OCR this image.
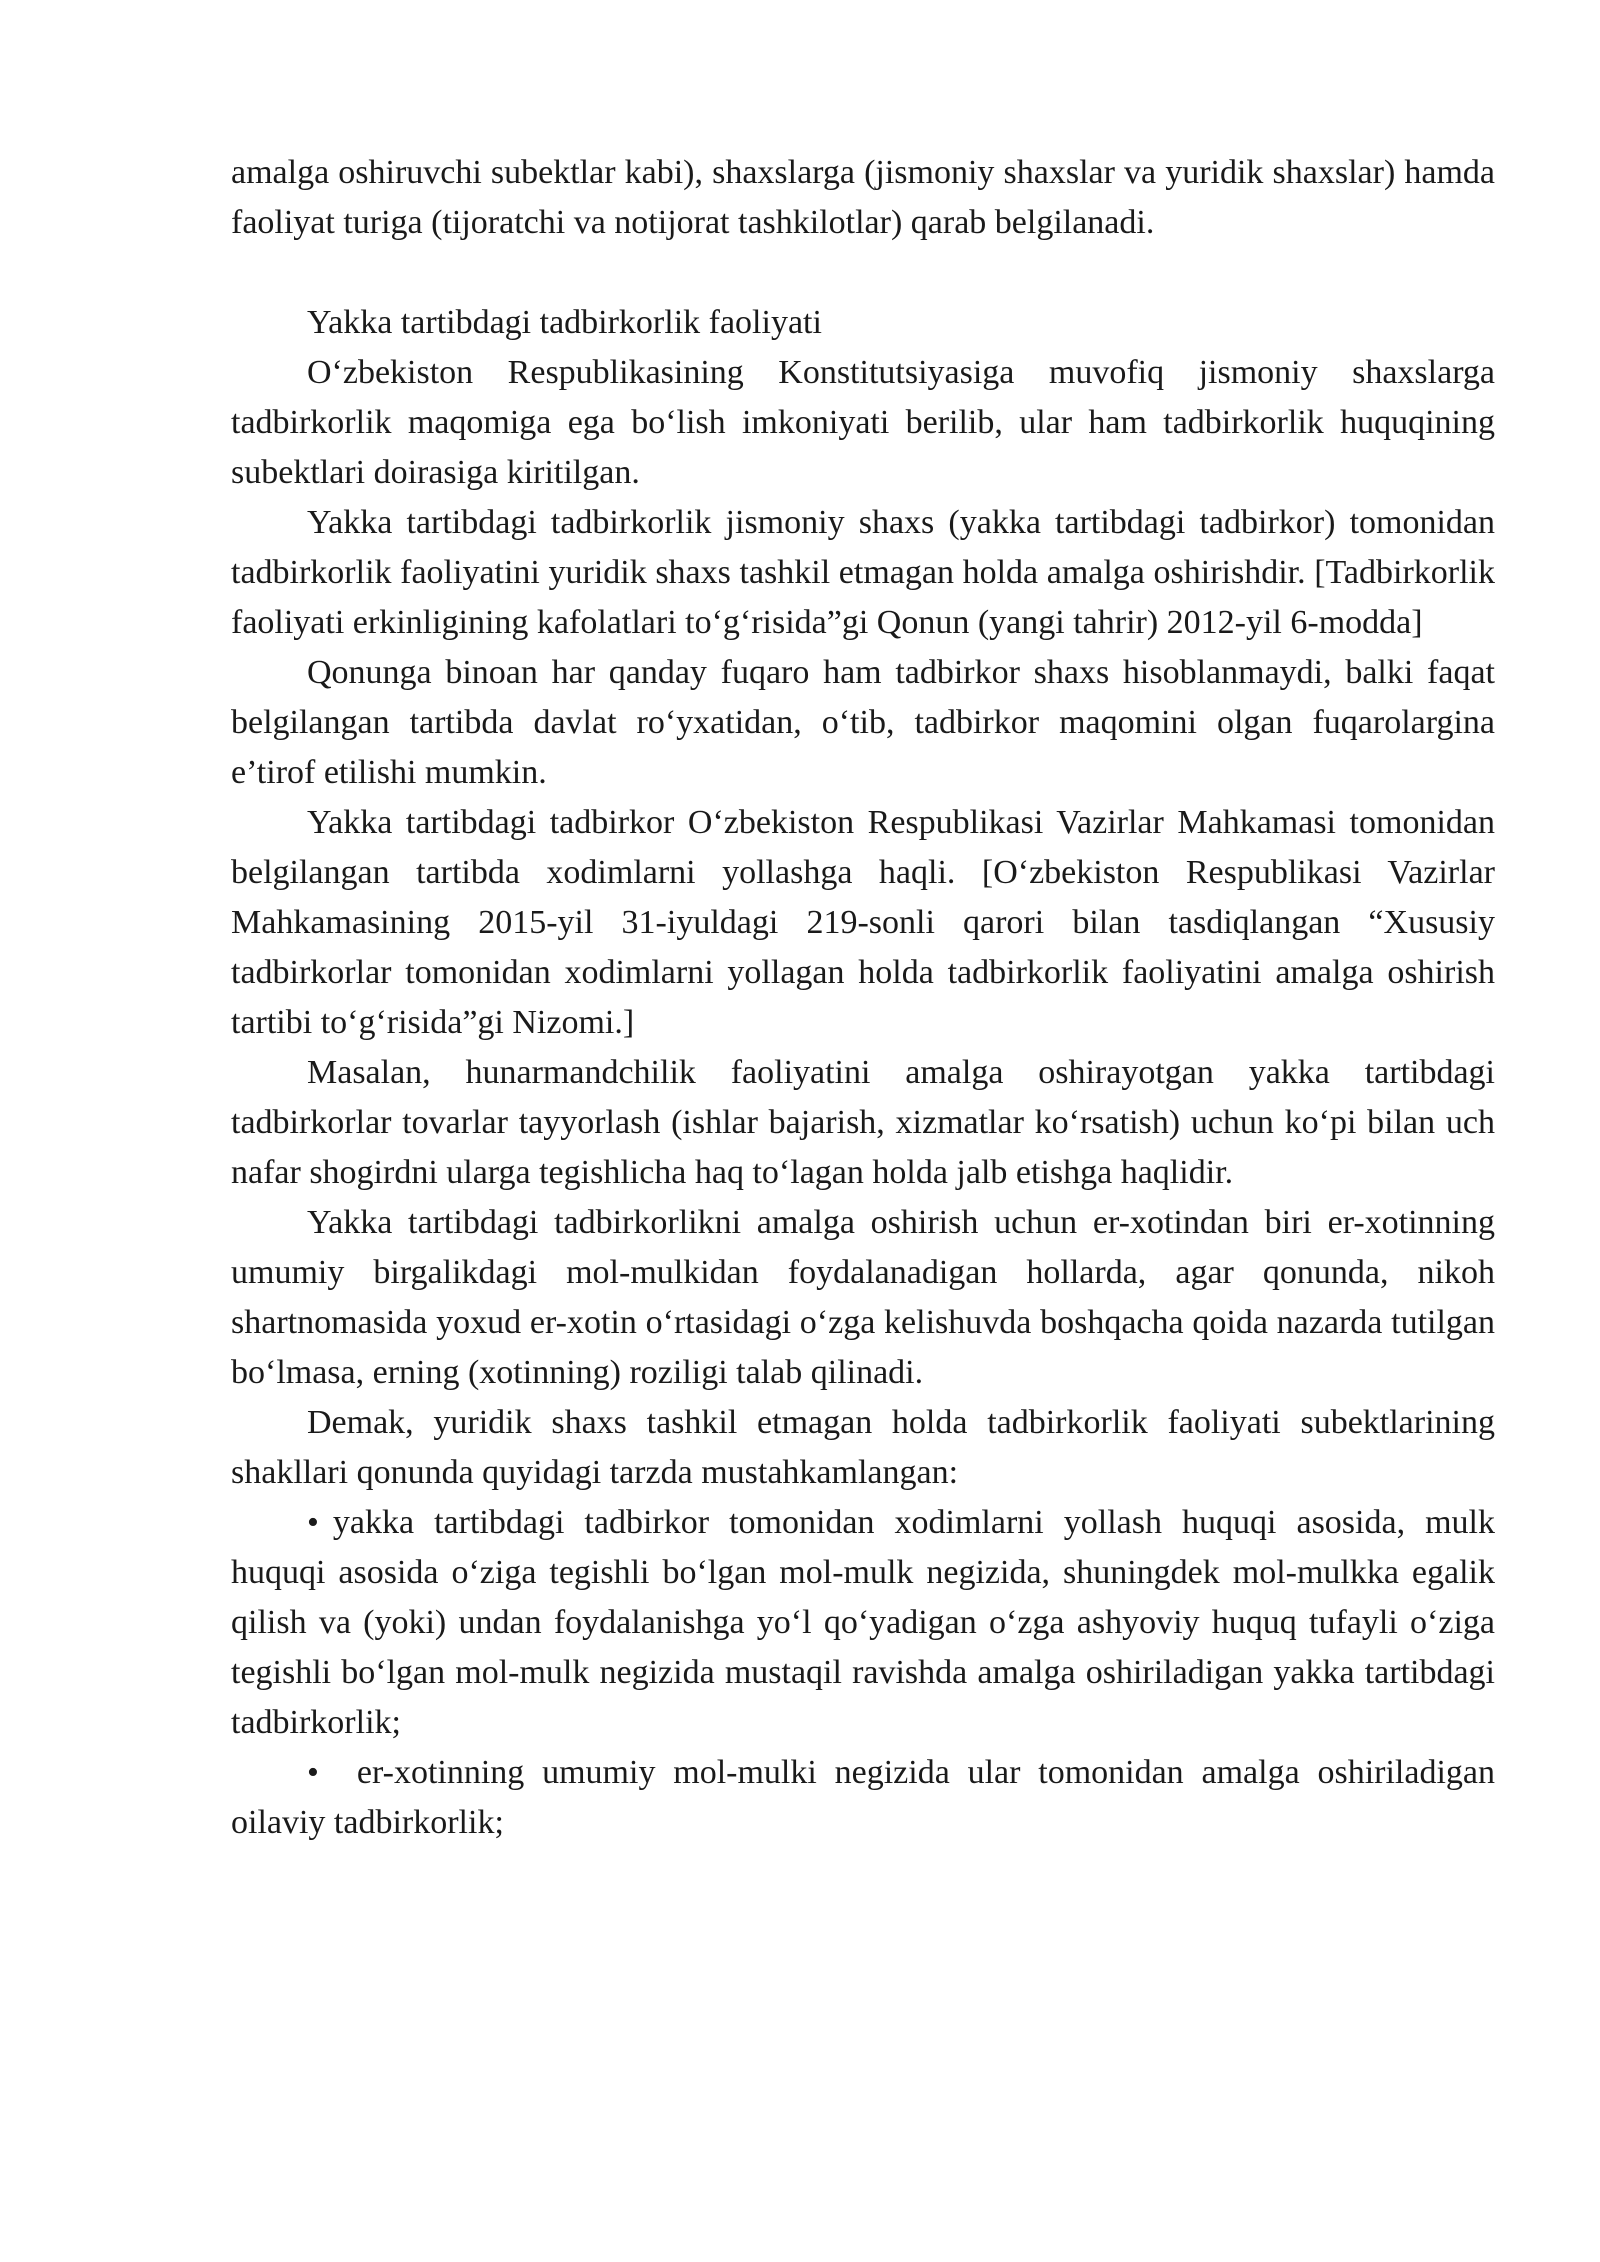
amalga oshiruvchi subektlar kabi), shaxslarga (jismoniy shaxslar va yuridik shaxslar) hamda faoliyat turiga (tijoratchi va notijorat tashkilotlar) qarab belgilanadi.

Yakka tartibdagi tadbirkorlik faoliyati

O‘zbekiston Respublikasining Konstitutsiyasiga muvofiq jismoniy shaxslarga tadbirkorlik maqomiga ega bo‘lish imkoniyati berilib, ular ham tadbirkorlik huquqining subektlari doirasiga kiritilgan.

Yakka tartibdagi tadbirkorlik jismoniy shaxs (yakka tartibdagi tadbirkor) tomonidan tadbirkorlik faoliyatini yuridik shaxs tashkil etmagan holda amalga oshirishdir. [Tadbirkorlik faoliyati erkinligining kafolatlari to‘g‘risida”gi Qonun (yangi tahrir) 2012-yil 6-modda]

Qonunga binoan har qanday fuqaro ham tadbirkor shaxs hisoblanmaydi, balki faqat belgilangan tartibda davlat ro‘yxatidan, o‘tib, tadbirkor maqomini olgan fuqarolargina e’tirof etilishi mumkin.

Yakka tartibdagi tadbirkor O‘zbekiston Respublikasi Vazirlar Mahkamasi tomonidan belgilangan tartibda xodimlarni yollashga haqli. [O‘zbekiston Respublikasi Vazirlar Mahkamasining 2015-yil 31-iyuldagi 219-sonli qarori bilan tasdiqlangan “Xususiy tadbirkorlar tomonidan xodimlarni yollagan holda tadbirkorlik faoliyatini amalga oshirish tartibi to‘g‘risida”gi Nizomi.]

Masalan, hunarmandchilik faoliyatini amalga oshirayotgan yakka tartibdagi tadbirkorlar tovarlar tayyorlash (ishlar bajarish, xizmatlar ko‘rsatish) uchun ko‘pi bilan uch nafar shogirdni ularga tegishlicha haq to‘lagan holda jalb etishga haqlidir.

Yakka tartibdagi tadbirkorlikni amalga oshirish uchun er-xotindan biri er-xotinning umumiy birgalikdagi mol-mulkidan foydalanadigan hollarda, agar qonunda, nikoh shartnomasida yoxud er-xotin o‘rtasidagi o‘zga kelishuvda boshqacha qoida nazarda tutilgan bo‘lmasa, erning (xotinning) roziligi talab qilinadi.

Demak, yuridik shaxs tashkil etmagan holda tadbirkorlik faoliyati subektlarining shakllari qonunda quyidagi tarzda mustahkamlangan:

• yakka tartibdagi tadbirkor tomonidan xodimlarni yollash huquqi asosida, mulk huquqi asosida o‘ziga tegishli bo‘lgan mol-mulk negizida, shuningdek mol-mulkka egalik qilish va (yoki) undan foydalanishga yo‘l qo‘yadigan o‘zga ashyoviy huquq tufayli o‘ziga tegishli bo‘lgan mol-mulk negizida mustaqil ravishda amalga oshiriladigan yakka tartibdagi tadbirkorlik;

• er-xotinning umumiy mol-mulki negizida ular tomonidan amalga oshiriladigan oilaviy tadbirkorlik;
